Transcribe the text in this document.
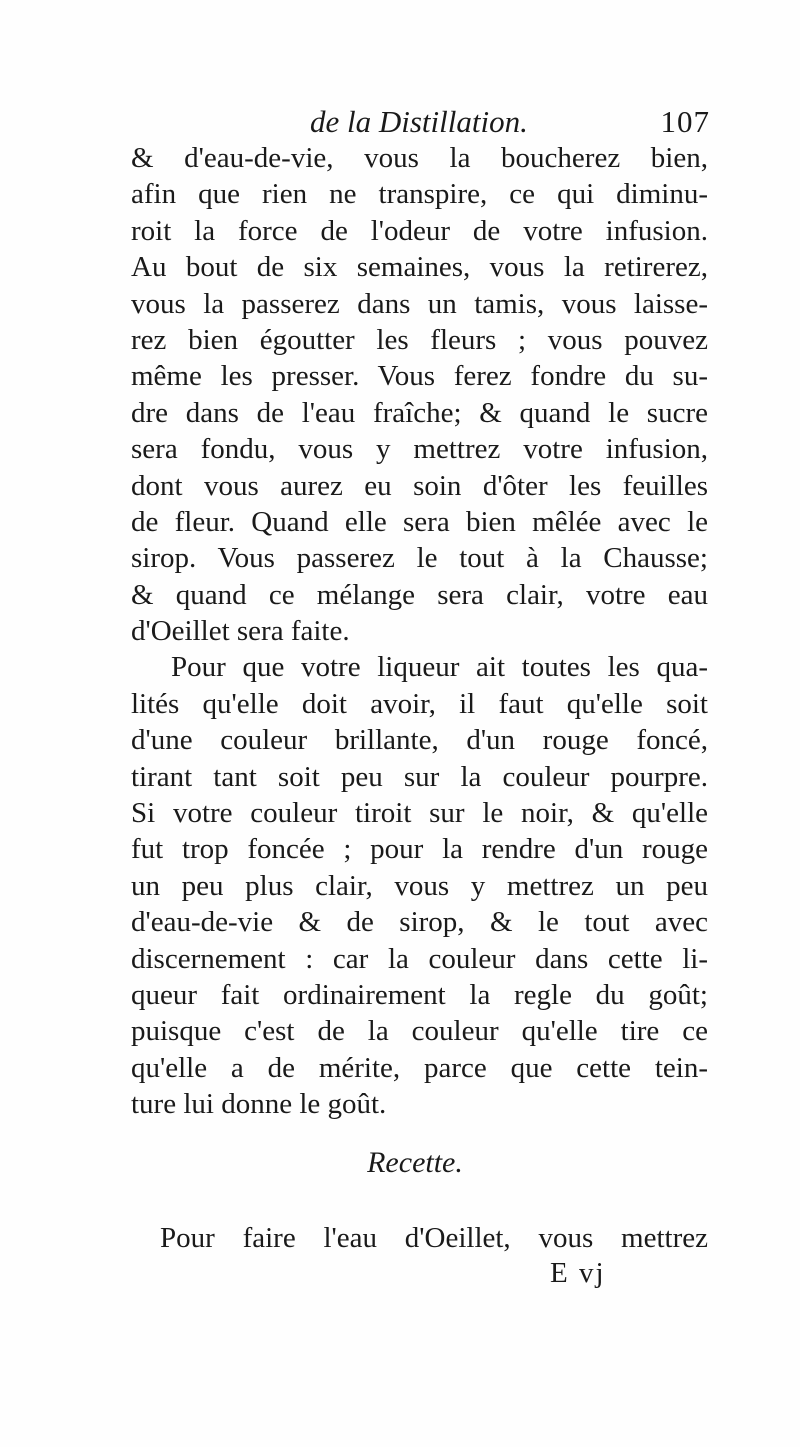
de la Distillation.	107
& d'eau-de-vie, vous la boucherez bien,
afin que rien ne transpire, ce qui diminu-
roit la force de l'odeur de votre infusion.
Au bout de six semaines, vous la retirerez,
vous la passerez dans un tamis, vous laisse-
rez bien égoutter les fleurs ; vous pouvez
même les presser. Vous ferez fondre du su-
dre dans de l'eau fraîche; & quand le sucre
sera fondu, vous y mettrez votre infusion,
dont vous aurez eu soin d'ôter les feuilles
de fleur. Quand elle sera bien mêlée avec le
sirop. Vous passerez le tout à la Chausse;
& quand ce mélange sera clair, votre eau
d'Oeillet sera faite.
Pour que votre liqueur ait toutes les qua-
lités qu'elle doit avoir, il faut qu'elle soit
d'une couleur brillante, d'un rouge foncé,
tirant tant soit peu sur la couleur pourpre.
Si votre couleur tiroit sur le noir, & qu'elle
fut trop foncée ; pour la rendre d'un rouge
un peu plus clair, vous y mettrez un peu
d'eau-de-vie & de sirop, & le tout avec
discernement : car la couleur dans cette li-
queur fait ordinairement la regle du goût;
puisque c'est de la couleur qu'elle tire ce
qu'elle a de mérite, parce que cette tein-
ture lui donne le goût.
Recette.
Pour faire l'eau d'Oeillet, vous mettrez
E vj
